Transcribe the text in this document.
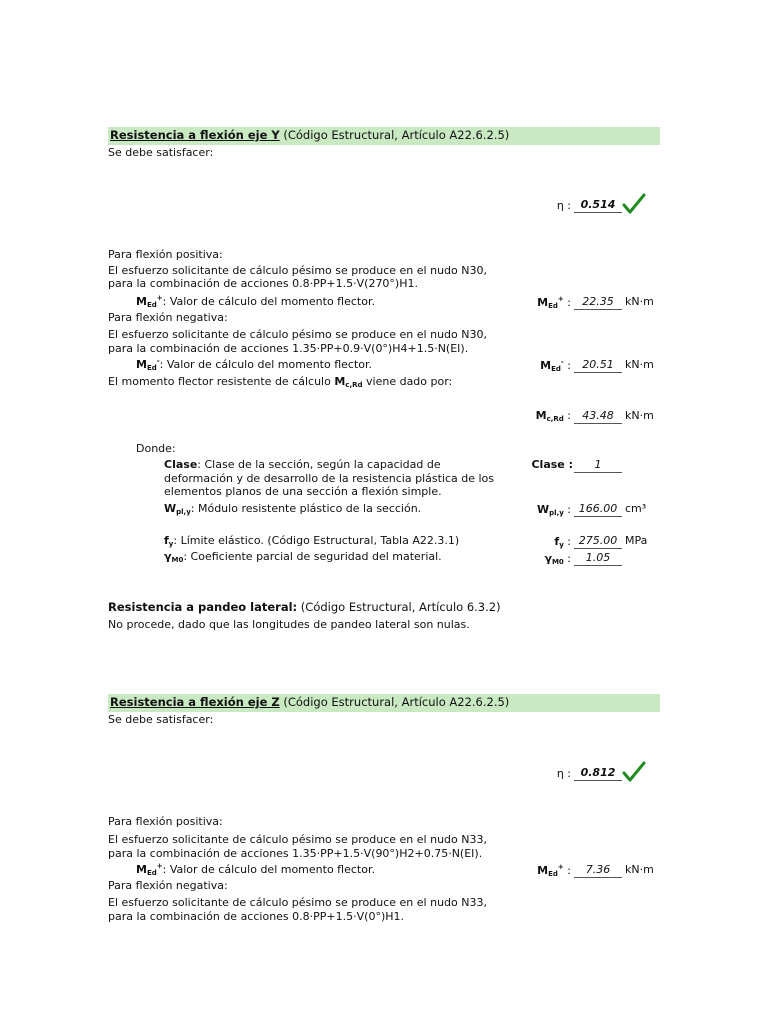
Resistencia a flexión eje Y (Código Estructural, Artículo A22.6.2.5)
Se debe satisfacer:
η : 0.514
Para flexión positiva:
El esfuerzo solicitante de cálculo pésimo se produce en el nudo N30,
para la combinación de acciones 0.8·PP+1.5·V(270°)H1.
$M_{Ed}^+$: Valor de cálculo del momento flector.	$M_{Ed}^+$ :	22.35	kN·m
Para flexión negativa:
El esfuerzo solicitante de cálculo pésimo se produce en el nudo N30,
para la combinación de acciones 1.35·PP+0.9·V(0°)H4+1.5·N(EI).
$M_{Ed}^-$: Valor de cálculo del momento flector.	$M_{Ed}^-$ :	20.51	kN·m
El momento flector resistente de cálculo $M_{c,Rd}$ viene dado por:
$M_{c,Rd}$ :	43.48	kN·m
Donde:
Clase: Clase de la sección, según la capacidad de
deformación y de desarrollo de la resistencia plástica de los
elementos planos de una sección a flexión simple.
Clase :	1
$W_{pl,y}$: Módulo resistente plástico de la sección.	$W_{pl,y}$ : 166.00 cm³
$f_y$: Límite elástico. (Código Estructural, Tabla A22.3.1)	$f_y$ : 275.00 MPa
$\gamma_{M0}$: Coeficiente parcial de seguridad del material.	$\gamma_{M0}$ :	1.05
Resistencia a pandeo lateral: (Código Estructural, Artículo 6.3.2)
No procede, dado que las longitudes de pandeo lateral son nulas.
Resistencia a flexión eje Z (Código Estructural, Artículo A22.6.2.5)
Se debe satisfacer:
η : 0.812
Para flexión positiva:
El esfuerzo solicitante de cálculo pésimo se produce en el nudo N33,
para la combinación de acciones 1.35·PP+1.5·V(90°)H2+0.75·N(EI).
$M_{Ed}^+$: Valor de cálculo del momento flector.	$M_{Ed}^+$ :	7.36	kN·m
Para flexión negativa:
El esfuerzo solicitante de cálculo pésimo se produce en el nudo N33,
para la combinación de acciones 0.8·PP+1.5·V(0°)H1.
